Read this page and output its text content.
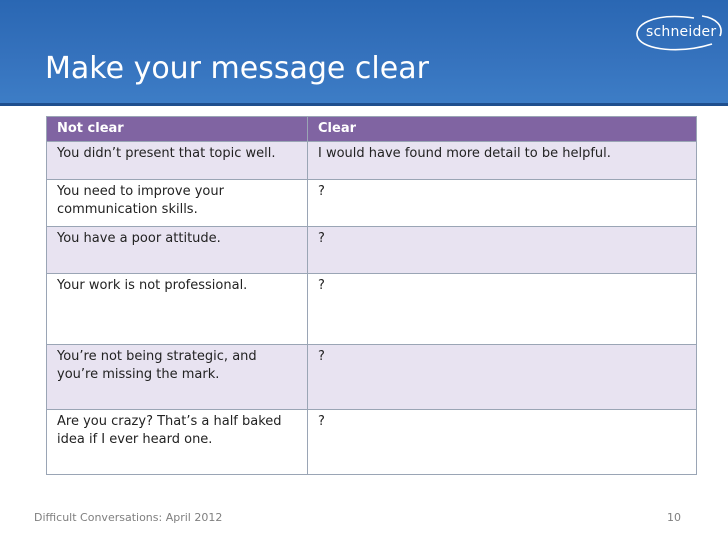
Make your message clear
schneider
Not clear	Clear
You didn’t present that topic well.	I would have found more detail to be helpful.
You need to improve your communication skills.	?
You have a poor attitude.	?
Your work is not professional.	?
You’re not being strategic, and you’re missing the mark.	?
Are you crazy? That’s a half baked idea if I ever heard one.	?
Difficult Conversations: April 2012	10
